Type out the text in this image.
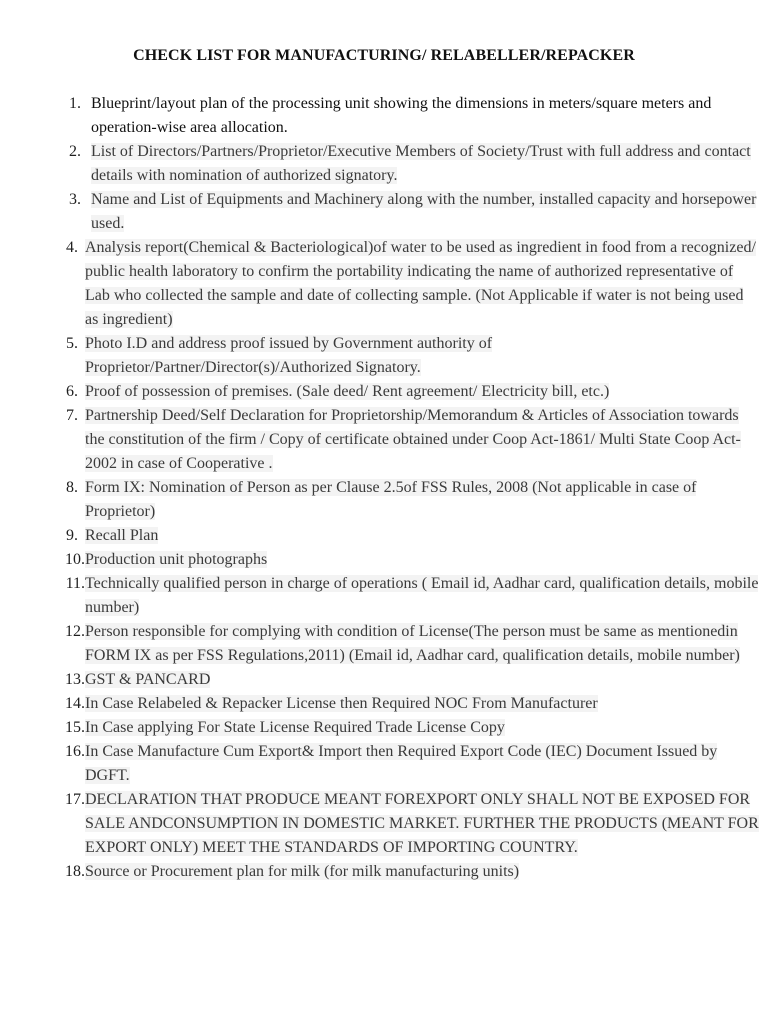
CHECK LIST FOR MANUFACTURING/ RELABELLER/REPACKER
1. Blueprint/layout plan of the processing unit showing the dimensions in meters/square meters and operation-wise area allocation.
2. List of Directors/Partners/Proprietor/Executive Members of Society/Trust with full address and contact details with nomination of authorized signatory.
3. Name and List of Equipments and Machinery along with the number, installed capacity and horsepower used.
4. Analysis report(Chemical & Bacteriological)of water to be used as ingredient in food from a recognized/ public health laboratory to confirm the portability indicating the name of authorized representative of Lab who collected the sample and date of collecting sample. (Not Applicable if water is not being used as ingredient)
5. Photo I.D and address proof issued by Government authority of Proprietor/Partner/Director(s)/Authorized Signatory.
6. Proof of possession of premises. (Sale deed/ Rent agreement/ Electricity bill, etc.)
7. Partnership Deed/Self Declaration for Proprietorship/Memorandum & Articles of Association towards the constitution of the firm / Copy of certificate obtained under Coop Act-1861/ Multi State Coop Act-2002 in case of Cooperative .
8. Form IX: Nomination of Person as per Clause 2.5of FSS Rules, 2008 (Not applicable in case of Proprietor)
9. Recall Plan
10. Production unit photographs
11. Technically qualified person in charge of operations ( Email id, Aadhar card, qualification details, mobile number)
12. Person responsible for complying with condition of License(The person must be same as mentionedin FORM IX as per FSS Regulations,2011) (Email id, Aadhar card, qualification details, mobile number)
13. GST & PANCARD
14. In Case Relabeled & Repacker License then Required NOC From Manufacturer
15. In Case applying For State License Required Trade License Copy
16. In Case Manufacture Cum Export& Import then Required Export Code (IEC) Document Issued by DGFT.
17. DECLARATION THAT PRODUCE MEANT FOREXPORT ONLY SHALL NOT BE EXPOSED FOR SALE ANDCONSUMPTION IN DOMESTIC MARKET. FURTHER THE PRODUCTS (MEANT FOR EXPORT ONLY) MEET THE STANDARDS OF IMPORTING COUNTRY.
18. Source or Procurement plan for milk (for milk manufacturing units)
